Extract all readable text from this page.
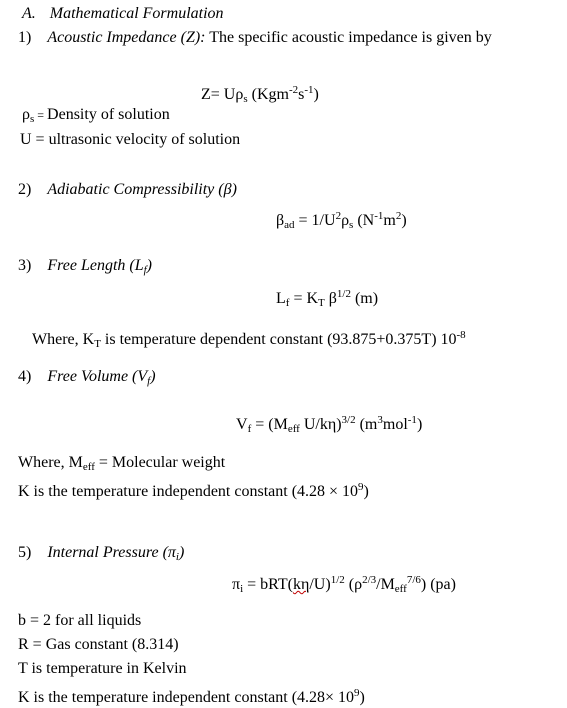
A. Mathematical Formulation
1) Acoustic Impedance (Z): The specific acoustic impedance is given by
$Z= U\rho_s$ $(Kgm^{-2}s^{-1})$
$\rho_s$ = Density of solution
U = ultrasonic velocity of solution
2) Adiabatic Compressibility (β)
$\beta_{ad} = 1/U^2\rho_s$ $(N^{-1}m^2)$
3) Free Length $(L_f)$
$L_f = K_T$ $\beta^{1/2}$ (m)
Where, $K_T$ is temperature dependent constant (93.875+0.375T) $10^{-8}$
4) Free Volume $(V_f)$
$V_f = (M_{eff}$ U/kη)$^{3/2}$ $(m^3mol^{-1})$
Where, $M_{eff}$ = Molecular weight
K is the temperature independent constant $(4.28 \times 10^9)$
5) Internal Pressure $(\pi_i)$
$\pi_i = bRT(k\eta/U)^{1/2}$ $(\rho^{2/3}/M_{eff}^{7/6})$ (pa)
b = 2 for all liquids
R = Gas constant (8.314)
T is temperature in Kelvin
K is the temperature independent constant $(4.28\times 10^9)$
